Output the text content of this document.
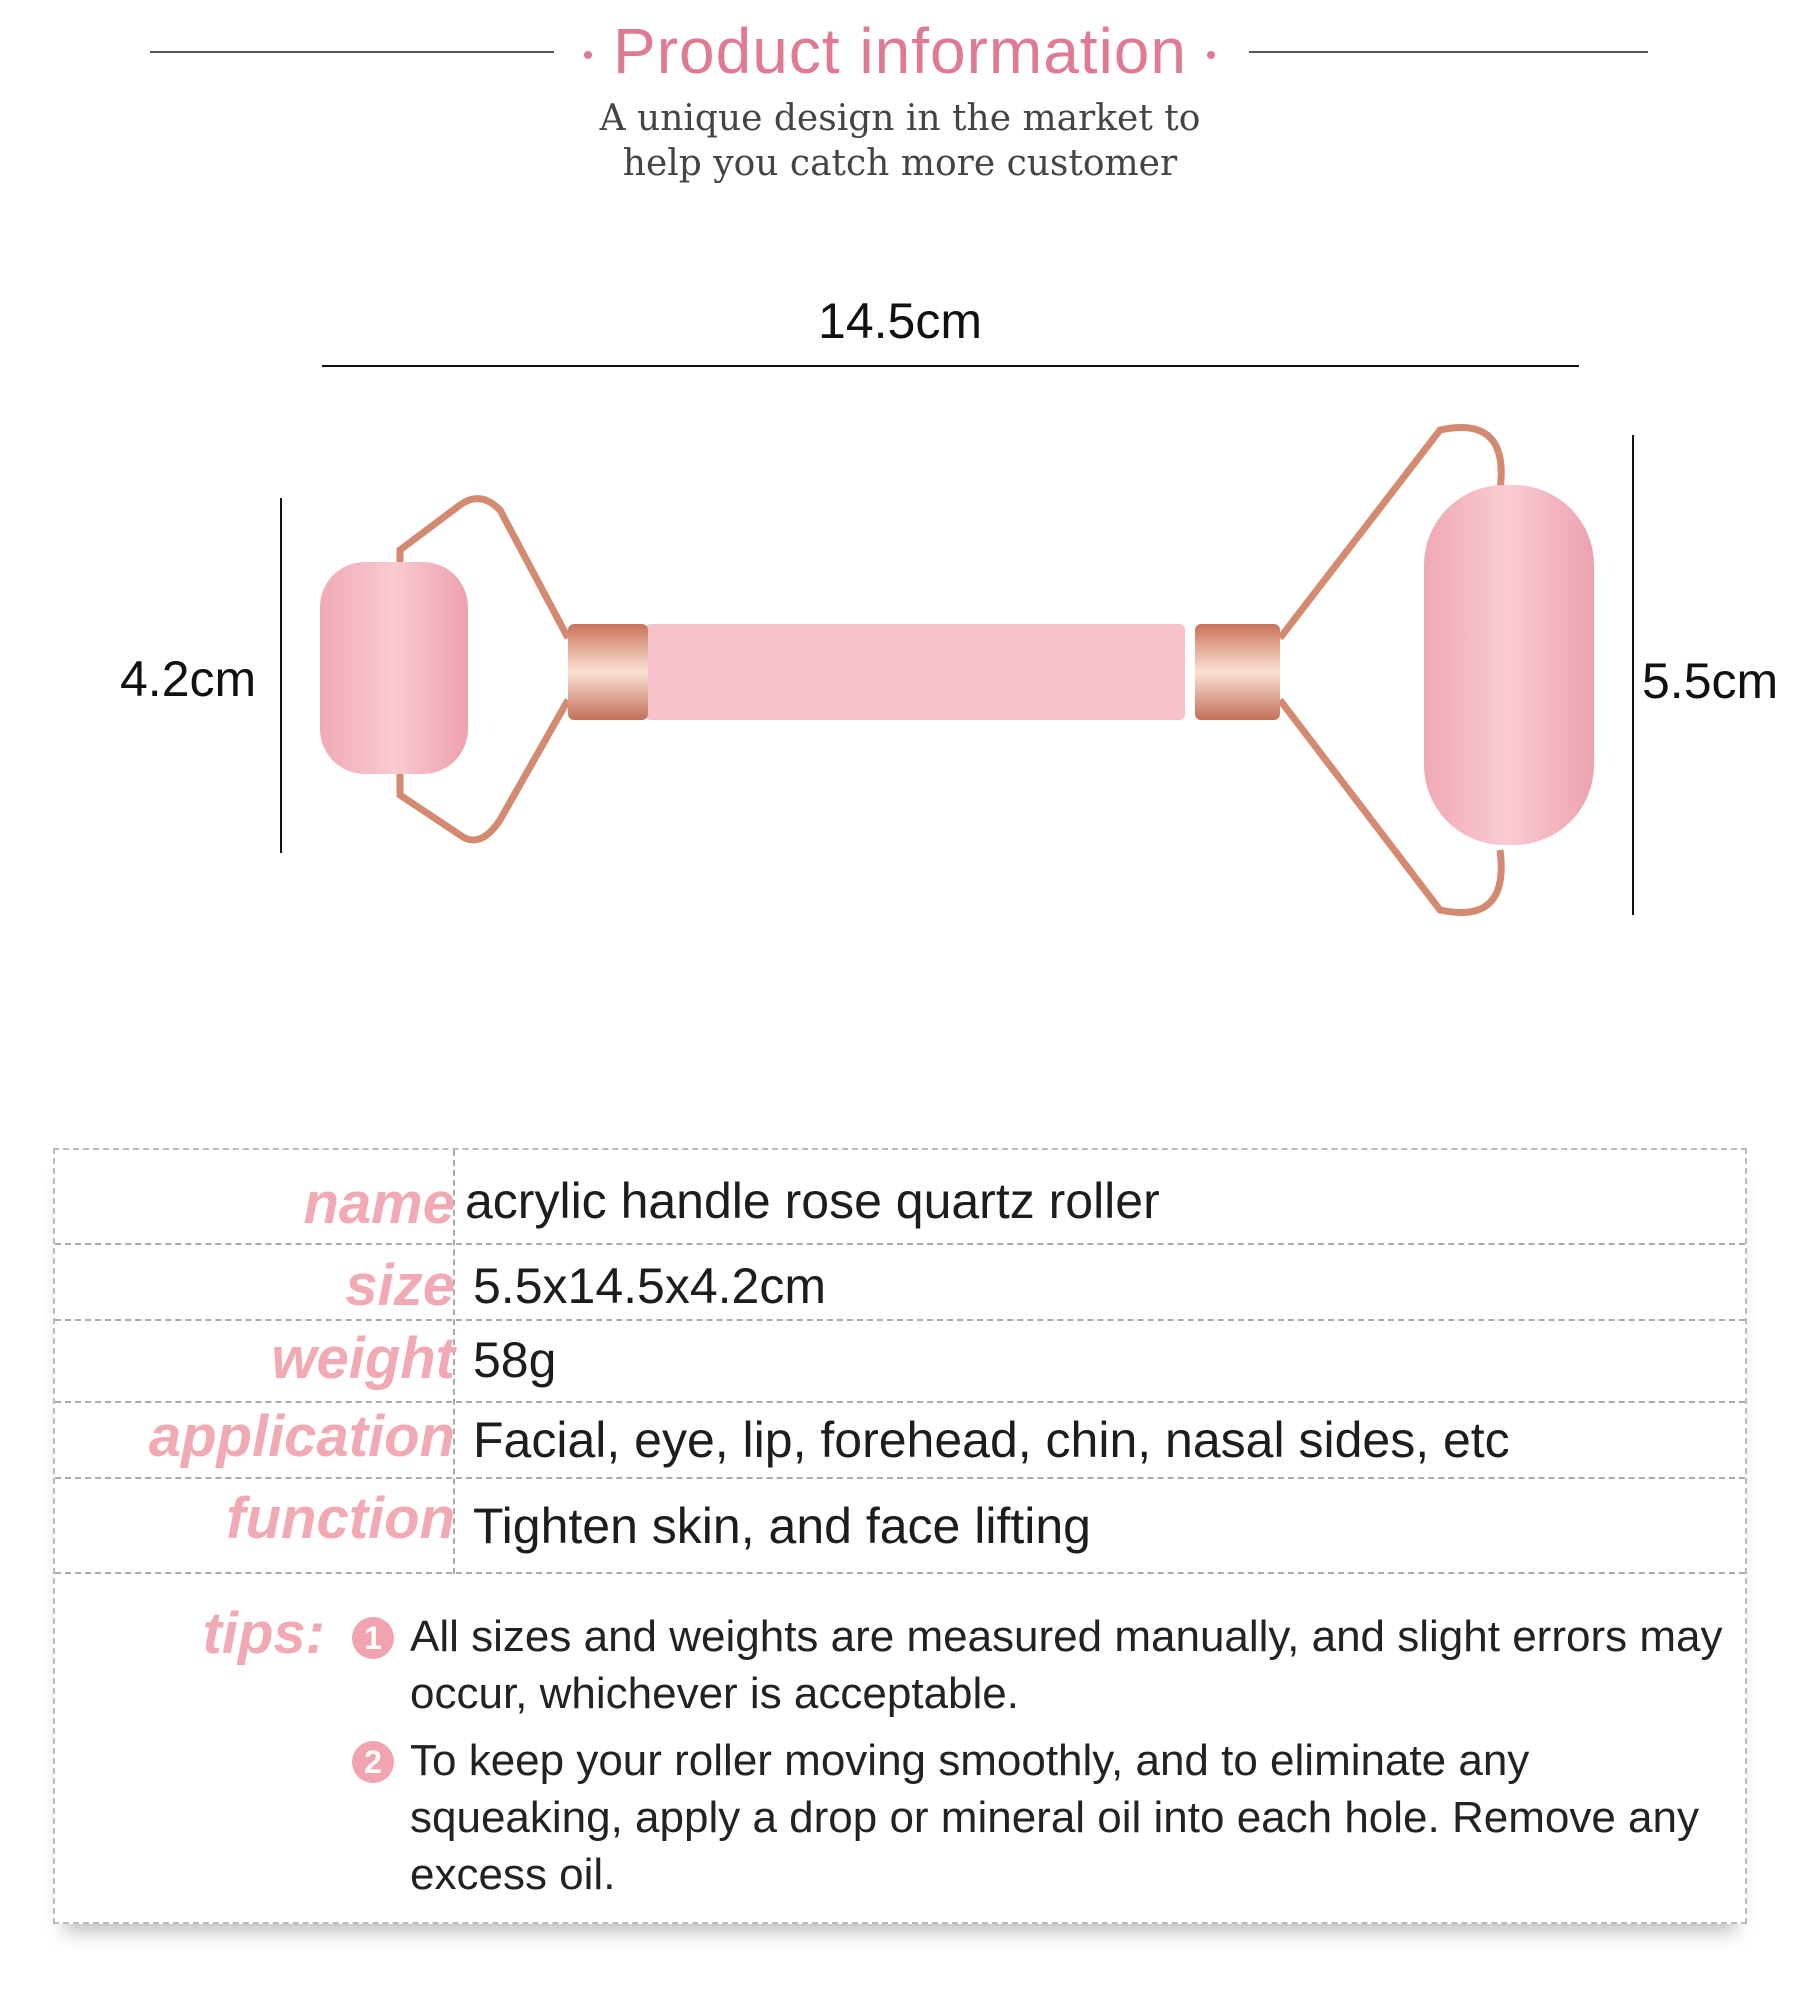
• Product information •
A unique design in the market to
help you catch more customer
14.5cm
4.2cm	5.5cm
name acrylic handle rose quartz roller
size 5.5x14.5x4.2cm
weight 58g
application Facial, eye, lip, forehead, chin, nasal sides, etc
function Tighten skin, and face lifting
tips:	1 All sizes and weights are measured manually, and slight errors may occur, whichever is acceptable.
2 To keep your roller moving smoothly, and to eliminate any squeaking, apply a drop or mineral oil into each hole. Remove any excess oil.
